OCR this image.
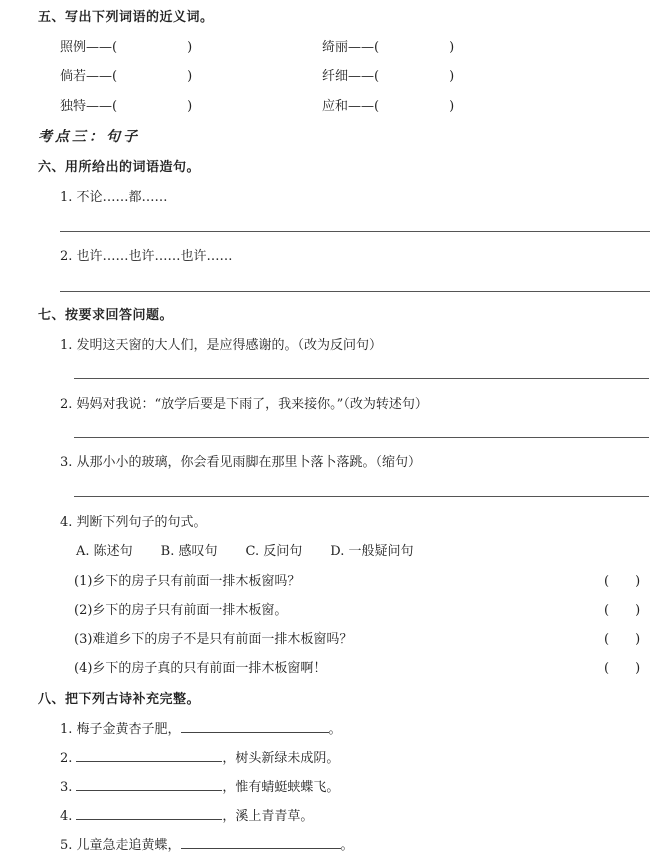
五、写出下列词语的近义词。
照例——(	)	绮丽——(	)
倘若——(	)	纤细——(	)
独特——(	)	应和——(	)
考点三：句子
六、用所给出的词语造句。
1. 不论……都……
2. 也许……也许……也许……
七、按要求回答问题。
1. 发明这天窗的大人们，是应得感谢的。（改为反问句）
2. 妈妈对我说：“放学后要是下雨了，我来接你。”（改为转述句）
3. 从那小小的玻璃，你会看见雨脚在那里卜落卜落跳。（缩句）
4. 判断下列句子的句式。
A. 陈述句 B. 感叹句 C. 反问句 D. 一般疑问句
(1)乡下的房子只有前面一排木板窗吗？	(　　)
(2)乡下的房子只有前面一排木板窗。	(　　)
(3)难道乡下的房子不是只有前面一排木板窗吗？	(　　)
(4)乡下的房子真的只有前面一排木板窗啊！	(　　)
八、把下列古诗补充完整。
1. 梅子金黄杏子肥，	。
2.	，树头新绿未成阴。
3.	，惟有蜻蜓蛱蝶飞。
4.	，溪上青青草。
5. 儿童急走追黄蝶，	。
